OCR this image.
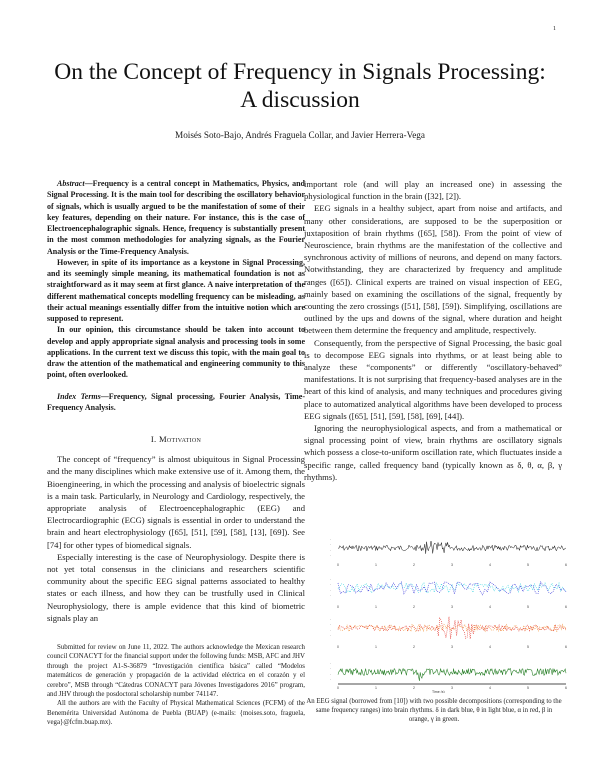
1
On the Concept of Frequency in Signals Processing:
A discussion
Moisés Soto-Bajo, Andrés Fraguela Collar, and Javier Herrera-Vega

Abstract—Frequency is a central concept in Mathematics, Physics, and Signal Processing. It is the main tool for describing the oscillatory behavior of signals, which is usually argued to be the manifestation of some of their key features, depending on their nature. For instance, this is the case of Electroencephalographic signals. Hence, frequency is substantially present in the most common methodologies for analyzing signals, as the Fourier Analysis or the Time-Frequency Analysis.

However, in spite of its importance as a keystone in Signal Processing, and its seemingly simple meaning, its mathematical foundation is not as straightforward as it may seem at first glance. A naive interpretation of the different mathematical concepts modelling frequency can be misleading, as their actual meanings essentially differ from the intuitive notion which are supposed to represent.

In our opinion, this circumstance should be taken into account to develop and apply appropriate signal analysis and processing tools in some applications. In the current text we discuss this topic, with the main goal to draw the attention of the mathematical and engineering community to this point, often overlooked.

Index Terms—Frequency, Signal processing, Fourier Analysis, Time-Frequency Analysis.
I. Motivation

The concept of “frequency” is almost ubiquitous in Signal Processing and the many disciplines which make extensive use of it. Among them, the Bioengineering, in which the processing and analysis of bioelectric signals is a main task. Particularly, in Neurology and Cardiology, respectively, the appropriate analysis of Electroencephalographic (EEG) and Electrocardiographic (ECG) signals is essential in order to understand the brain and heart electrophysiology ([65], [51], [59], [58], [13], [69]). See [74] for other types of biomedical signals.

Especially interesting is the case of Neurophysiology. Despite there is not yet total consensus in the clinicians and researchers scientific community about the specific EEG signal patterns associated to healthy states or each illness, and how they can be trustfully used in Clinical Neurophysiology, there is ample evidence that this kind of biometric signals play an

Submitted for review on June 11, 2022. The authors acknowledge the Mexican research council CONACYT for the financial support under the following funds: MSB, AFC and JHV through the project A1-S-36879 “Investigación científica básica” called “Modelos matemáticos de generación y propagación de la actividad eléctrica en el corazón y el cerebro”, MSB through “Cátedras CONACYT para Jóvenes Investigadores 2016” program, and JHV through the posdoctoral scholarship number 741147.

All the authors are with the Faculty of Physical Mathematical Sciences (FCFM) of the Benemérita Universidad Autónoma de Puebla (BUAP) (e-mails: {moises.soto, fraguela, vega}@fcfm.buap.mx).

important role (and will play an increased one) in assessing the physiological function in the brain ([32], [2]).

EEG signals in a healthy subject, apart from noise and artifacts, and many other considerations, are supposed to be the superposition or juxtaposition of brain rhythms ([65], [58]). From the point of view of Neuroscience, brain rhythms are the manifestation of the collective and synchronous activity of millions of neurons, and depend on many factors. Notwithstanding, they are characterized by frequency and amplitude ranges ([65]). Clinical experts are trained on visual inspection of EEG, mainly based on examining the oscillations of the signal, frequently by counting the zero crossings ([51], [58], [59]). Simplifying, oscillations are outlined by the ups and downs of the signal, where duration and height between them determine the frequency and amplitude, respectively.

Consequently, from the perspective of Signal Processing, the basic goal is to decompose EEG signals into rhythms, or at least being able to analyze these “components” or differently “oscillatory-behaved” manifestations. It is not surprising that frequency-based analyses are in the heart of this kind of analysis, and many techniques and procedures giving place to automatized analytical algorithms have been developed to process EEG signals ([65], [51], [59], [58], [69], [44]).

Ignoring the neurophysiological aspects, and from a mathematical or signal processing point of view, brain rhythms are oscillatory signals which possess a close-to-uniform oscillation rate, which fluctuates inside a specific range, called frequency band (typically known as δ, θ, α, β, γ rhythms).

0	1	2	3	4	5	6
-
-
-
-
0	1	2	3	4	5	6
-
-
-
-
0	1	2	3	4	5	6
-
-
-
-
0	1	2	3	4	5	6
-
-
-
-
Time (s)
An EEG signal (borrowed from [10]) with two possible decompositions (corresponding to the same frequency ranges) into brain rhythms. δ in dark blue, θ in light blue, α in red, β in orange, γ in green.
